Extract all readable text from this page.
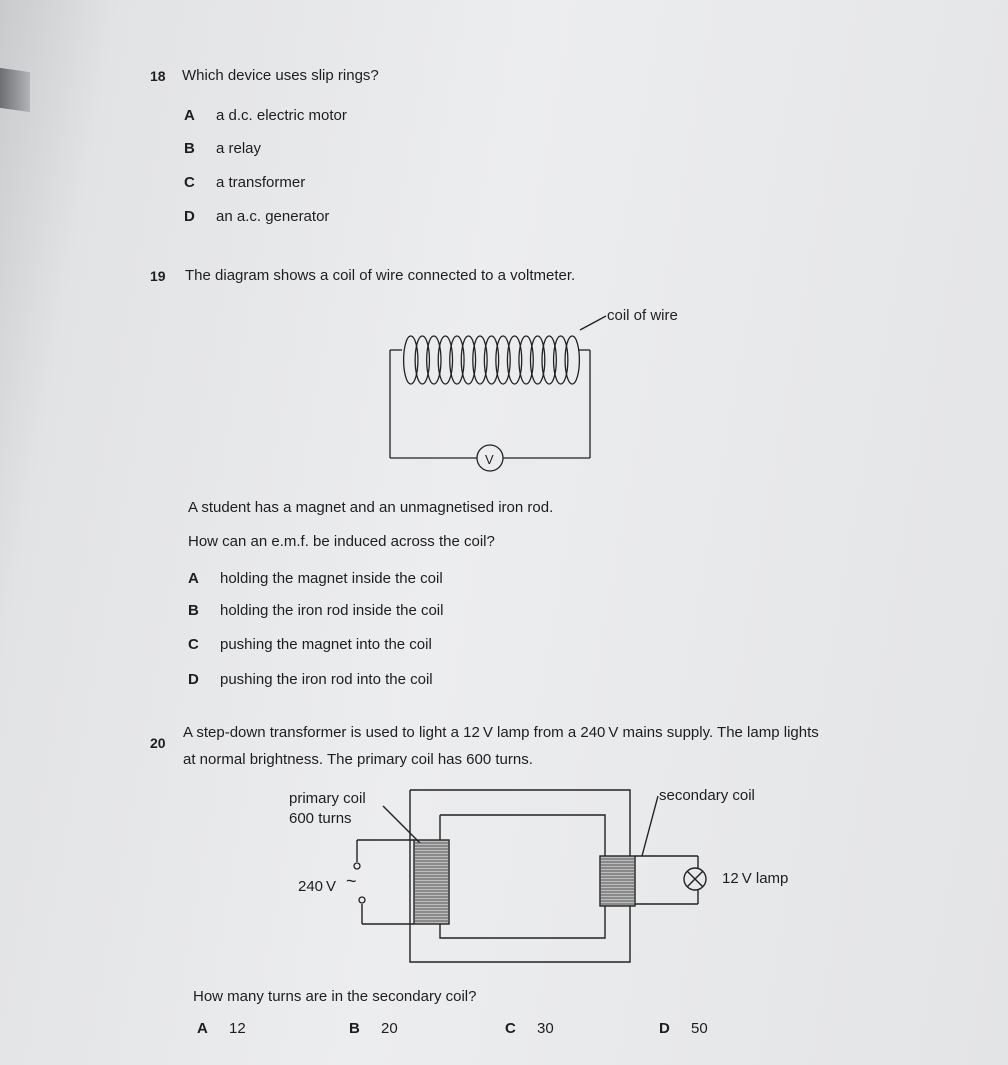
18 Which device uses slip rings?
A a d.c. electric motor
B a relay
C a transformer
D an a.c. generator
19 The diagram shows a coil of wire connected to a voltmeter.
V
coil of wire
A student has a magnet and an unmagnetised iron rod.
How can an e.m.f. be induced across the coil?
A holding the magnet inside the coil
B holding the iron rod inside the coil
C pushing the magnet into the coil
D pushing the iron rod into the coil
20
A step-down transformer is used to light a 12 V lamp from a 240 V mains supply. The lamp lights
at normal brightness. The primary coil has 600 turns.
primary coil
600 turns
secondary coil
240 V ~	12 V lamp
How many turns are in the secondary coil?
A 12	B 20	C 30	D 50
